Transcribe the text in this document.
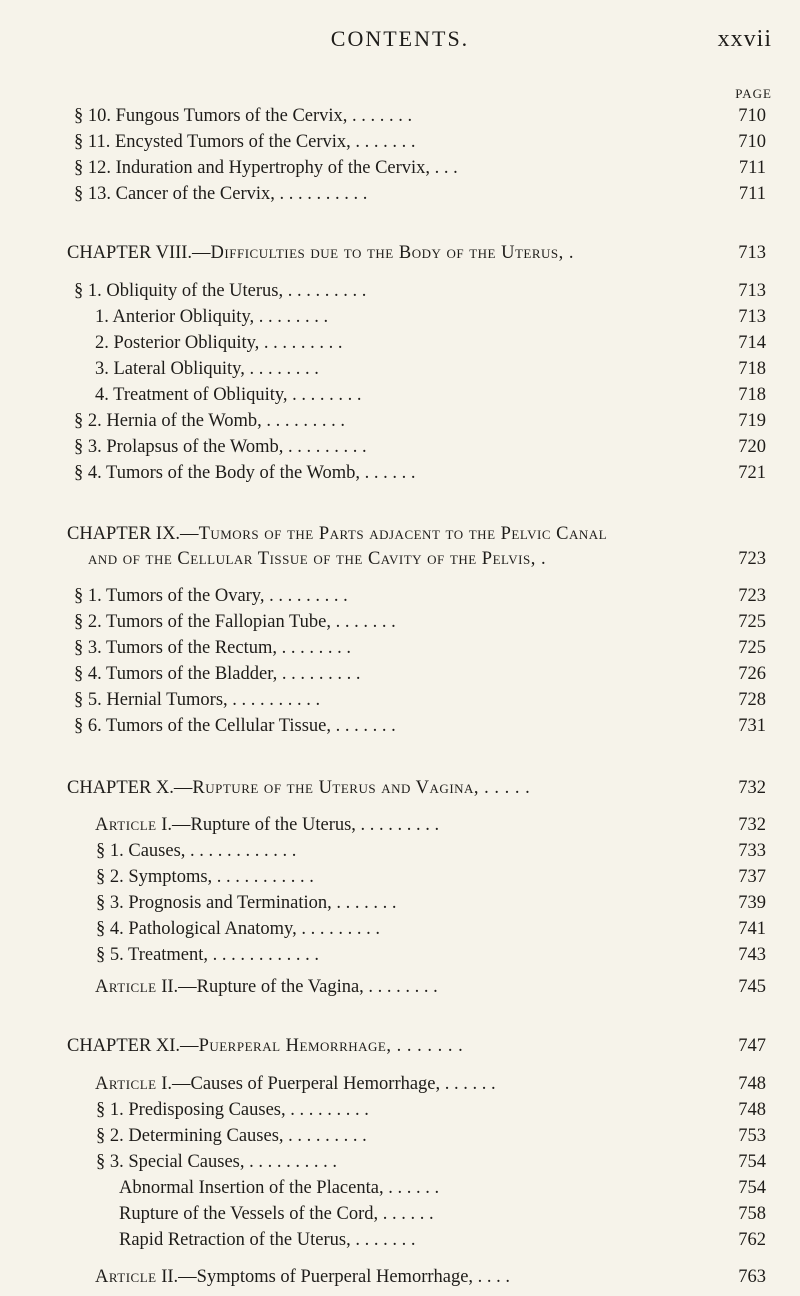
CONTENTS.	xxvii
PAGE
§ 10. Fungous Tumors of the Cervix, . . . . . . .	710
§ 11. Encysted Tumors of the Cervix, . . . . . . .	710
§ 12. Induration and Hypertrophy of the Cervix, . . .	711
§ 13. Cancer of the Cervix, . . . . . . . . . .	711
CHAPTER VIII.—Difficulties due to the Body of the Uterus, .	713
§ 1. Obliquity of the Uterus, . . . . . . . . .	713
1. Anterior Obliquity, . . . . . . . .	713
2. Posterior Obliquity, . . . . . . . . .	714
3. Lateral Obliquity, . . . . . . . .	718
4. Treatment of Obliquity, . . . . . . . .	718
§ 2. Hernia of the Womb, . . . . . . . . .	719
§ 3. Prolapsus of the Womb, . . . . . . . . .	720
§ 4. Tumors of the Body of the Womb, . . . . . .	721
CHAPTER IX.—Tumors of the Parts adjacent to the Pelvic Canal
and of the Cellular Tissue of the Cavity of the Pelvis, .	723
§ 1. Tumors of the Ovary, . . . . . . . . .	723
§ 2. Tumors of the Fallopian Tube, . . . . . . .	725
§ 3. Tumors of the Rectum, . . . . . . . .	725
§ 4. Tumors of the Bladder, . . . . . . . . .	726
§ 5. Hernial Tumors, . . . . . . . . . .	728
§ 6. Tumors of the Cellular Tissue, . . . . . . .	731
CHAPTER X.—Rupture of the Uterus and Vagina, . . . . .	732
Article I.—Rupture of the Uterus, . . . . . . . . .	732
§ 1. Causes, . . . . . . . . . . . .	733
§ 2. Symptoms, . . . . . . . . . . .	737
§ 3. Prognosis and Termination, . . . . . . .	739
§ 4. Pathological Anatomy, . . . . . . . . .	741
§ 5. Treatment, . . . . . . . . . . . .	743
Article II.—Rupture of the Vagina, . . . . . . . .	745
CHAPTER XI.—Puerperal Hemorrhage, . . . . . . .	747
Article I.—Causes of Puerperal Hemorrhage, . . . . . .	748
§ 1. Predisposing Causes, . . . . . . . . .	748
§ 2. Determining Causes, . . . . . . . . .	753
§ 3. Special Causes, . . . . . . . . . .	754
Abnormal Insertion of the Placenta, . . . . . .	754
Rupture of the Vessels of the Cord, . . . . . .	758
Rapid Retraction of the Uterus, . . . . . . .	762
Article II.—Symptoms of Puerperal Hemorrhage, . . . .	763
